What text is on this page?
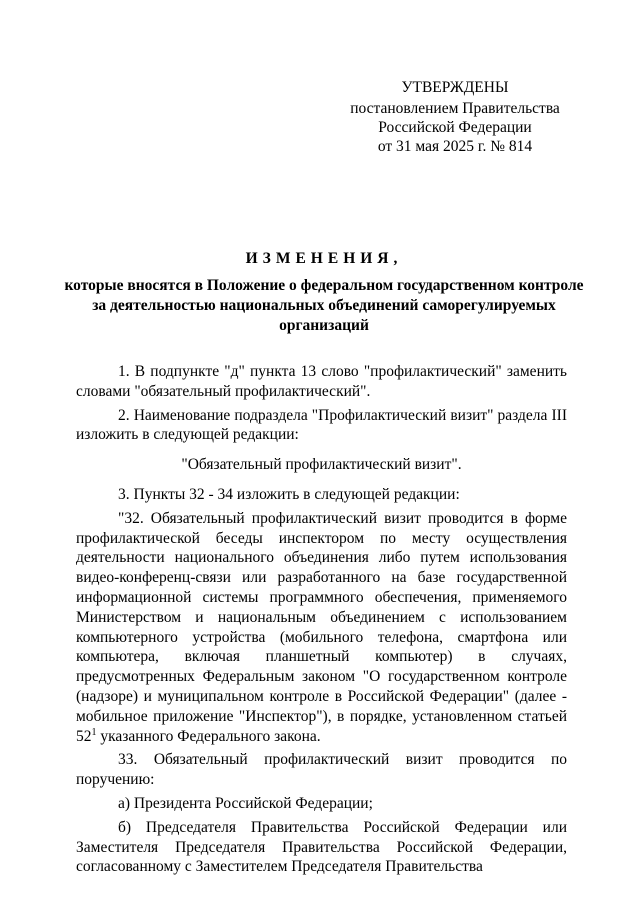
УТВЕРЖДЕНЫ
постановлением Правительства
Российской Федерации
от 31 мая 2025 г. № 814
ИЗМЕНЕНИЯ,
которые вносятся в Положение о федеральном государственном контроле за деятельностью национальных объединений саморегулируемых организаций

1. В подпункте "д" пункта 13 слово "профилактический" заменить словами "обязательный профилактический".

2. Наименование подраздела "Профилактический визит" раздела III изложить в следующей редакции:

"Обязательный профилактический визит".

3. Пункты 32 - 34 изложить в следующей редакции:

"32. Обязательный профилактический визит проводится в форме профилактической беседы инспектором по месту осуществления деятельности национального объединения либо путем использования видео-конференц-связи или разработанного на базе государственной информационной системы программного обеспечения, применяемого Министерством и национальным объединением с использованием компьютерного устройства (мобильного телефона, смартфона или компьютера, включая планшетный компьютер) в случаях, предусмотренных Федеральным законом "О государственном контроле (надзоре) и муниципальном контроле в Российской Федерации" (далее - мобильное приложение "Инспектор"), в порядке, установленном статьей $52^1$ указанного Федерального закона.

33. Обязательный профилактический визит проводится по поручению:

а) Президента Российской Федерации;

б) Председателя Правительства Российской Федерации или Заместителя Председателя Правительства Российской Федерации, согласованному с Заместителем Председателя Правительства
